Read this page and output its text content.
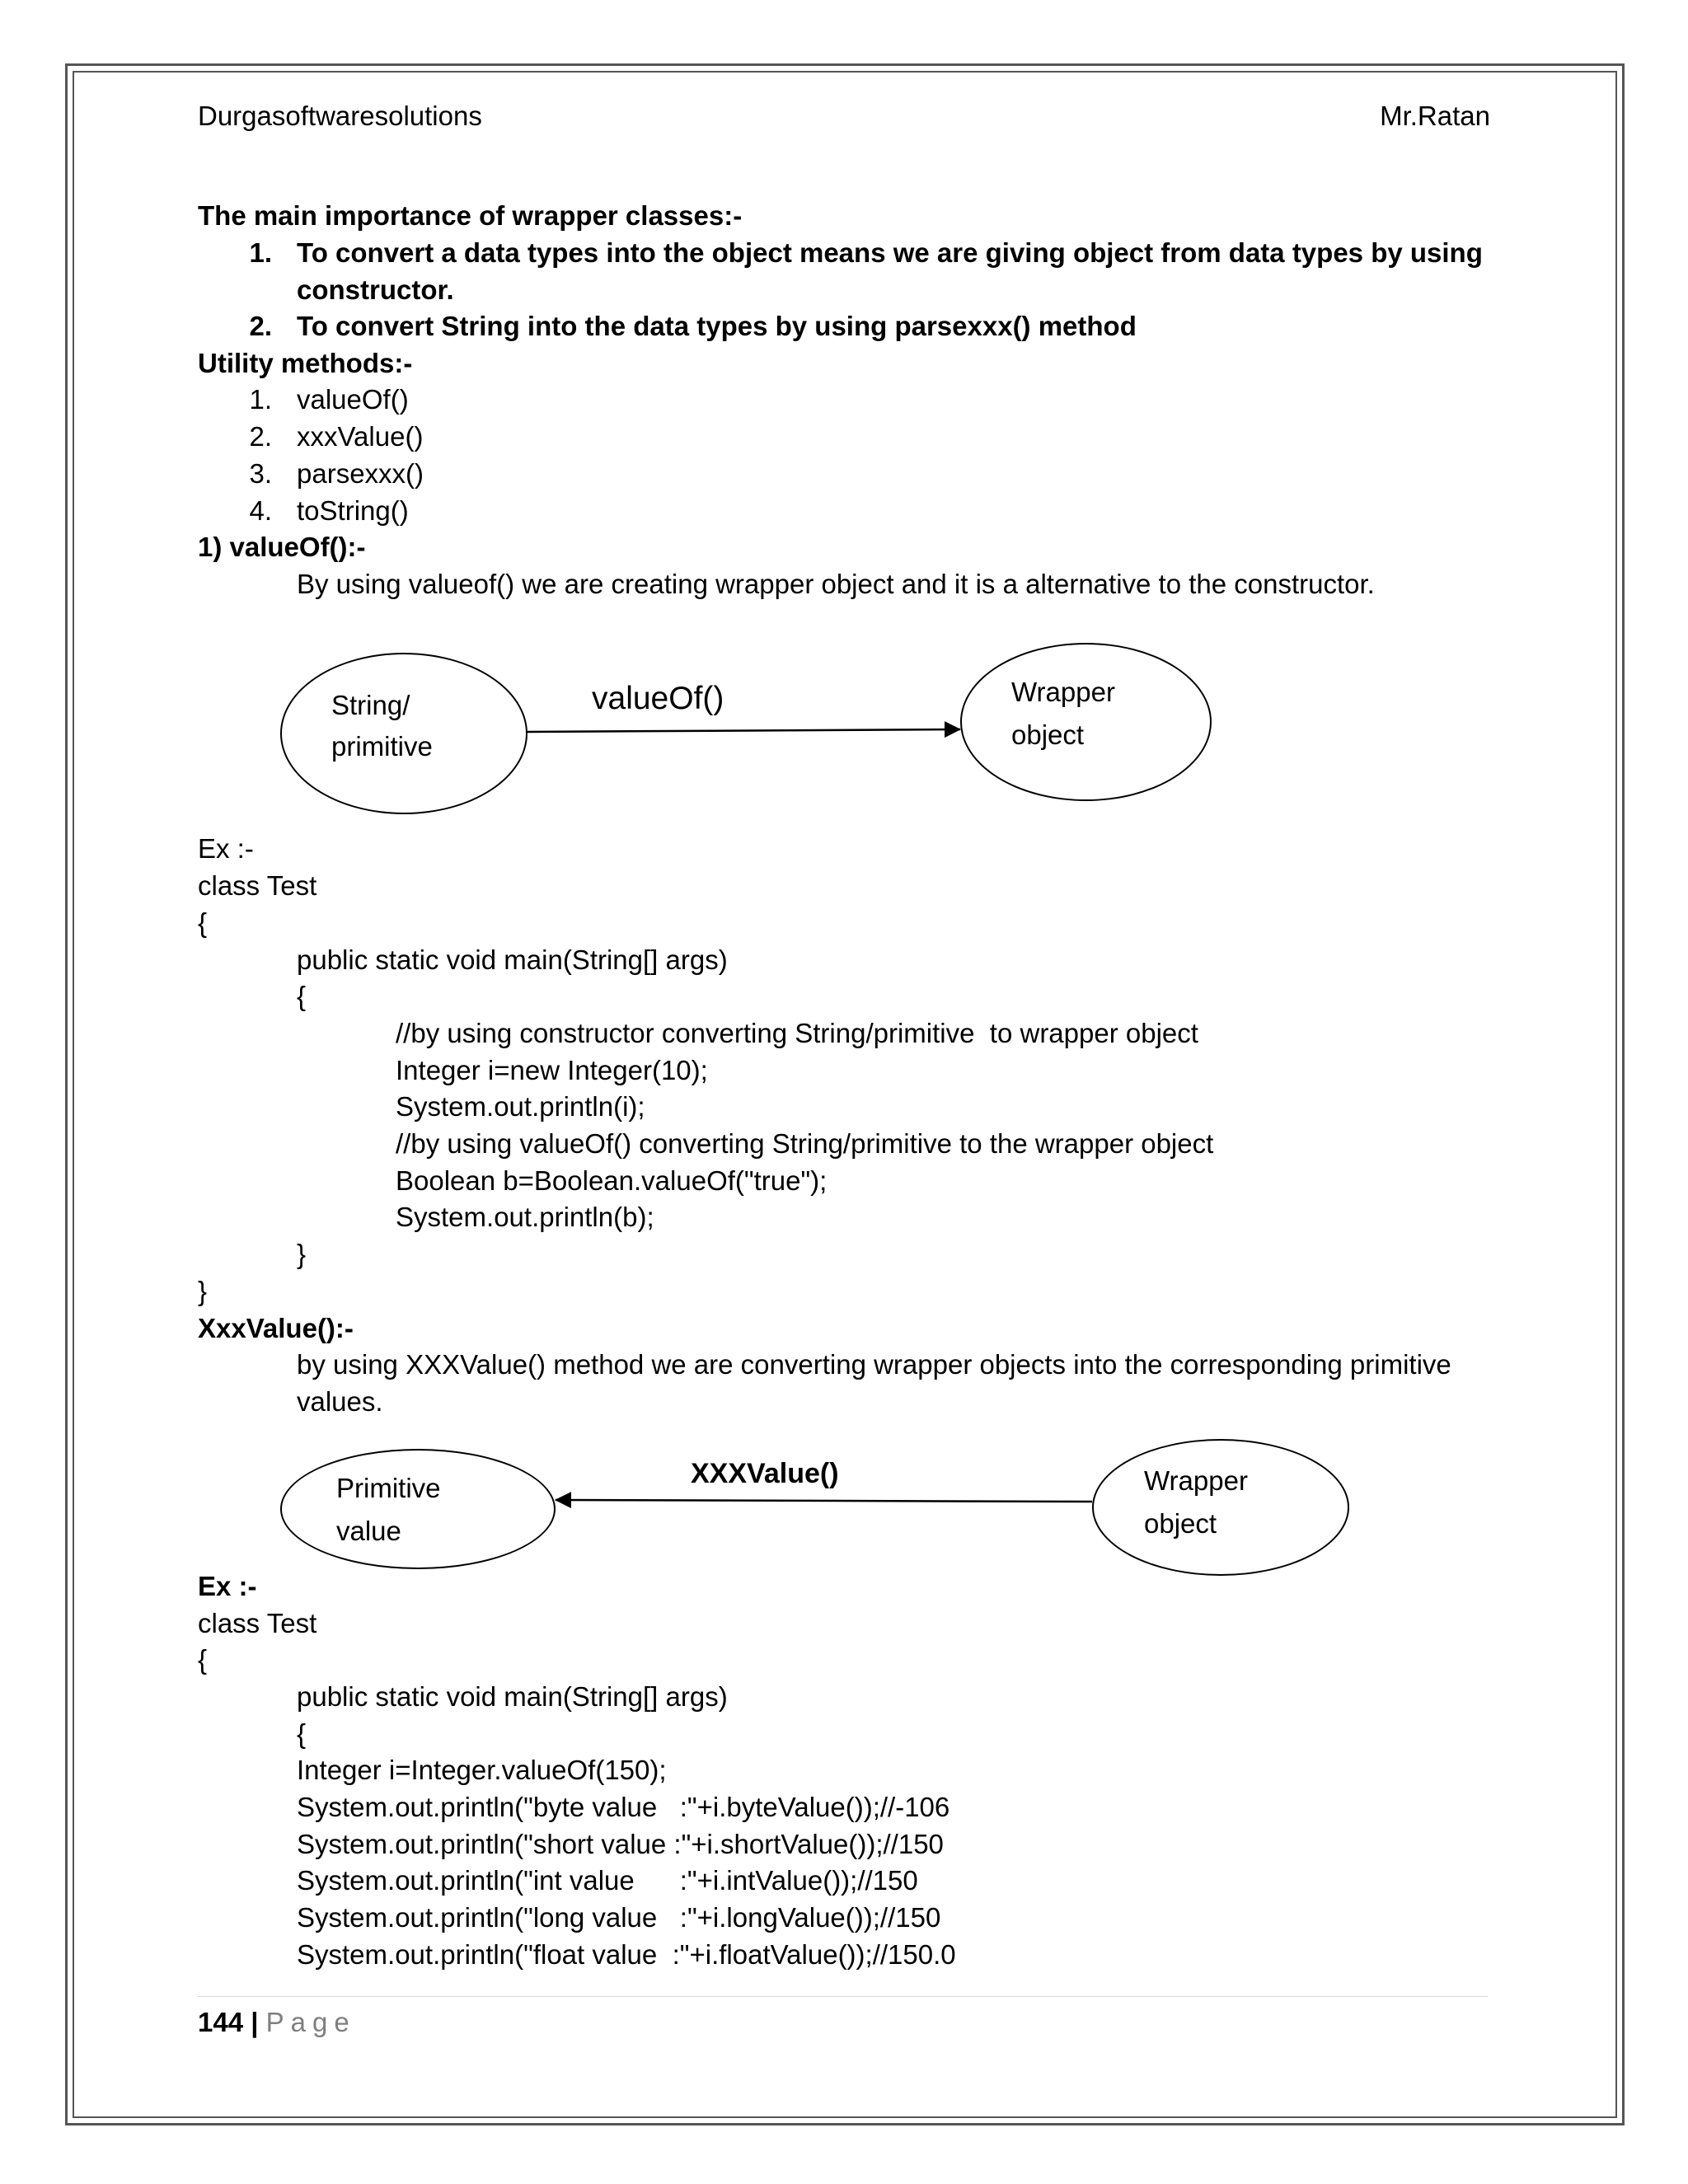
Durgasoftwaresolutions	Mr.Ratan
The main importance of wrapper classes:-
1. To convert a data types into the object means we are giving object from data types by using
constructor.
2. To convert String into the data types by using parsexxx() method
Utility methods:-
1. valueOf()
2. xxxValue()
3. parsexxx()
4. toString()
1) valueOf():-
By using valueof() we are creating wrapper object and it is a alternative to the constructor.
String/
primitive
Wrapper
object
valueOf()
Ex :-
class Test
{
public static void main(String[] args)
{
//by using constructor converting String/primitive  to wrapper object
Integer i=new Integer(10);
System.out.println(i);
//by using valueOf() converting String/primitive to the wrapper object
Boolean b=Boolean.valueOf("true");
System.out.println(b);
}
}
XxxValue():-
by using XXXValue() method we are converting wrapper objects into the corresponding primitive
values.
Primitive
value
Wrapper
object
XXXValue()
Ex :-
class Test
{
public static void main(String[] args)
{
Integer i=Integer.valueOf(150);
System.out.println("byte value   :"+i.byteValue());//-106
System.out.println("short value :"+i.shortValue());//150
System.out.println("int value      :"+i.intValue());//150
System.out.println("long value   :"+i.longValue());//150
System.out.println("float value  :"+i.floatValue());//150.0
144 | Page
